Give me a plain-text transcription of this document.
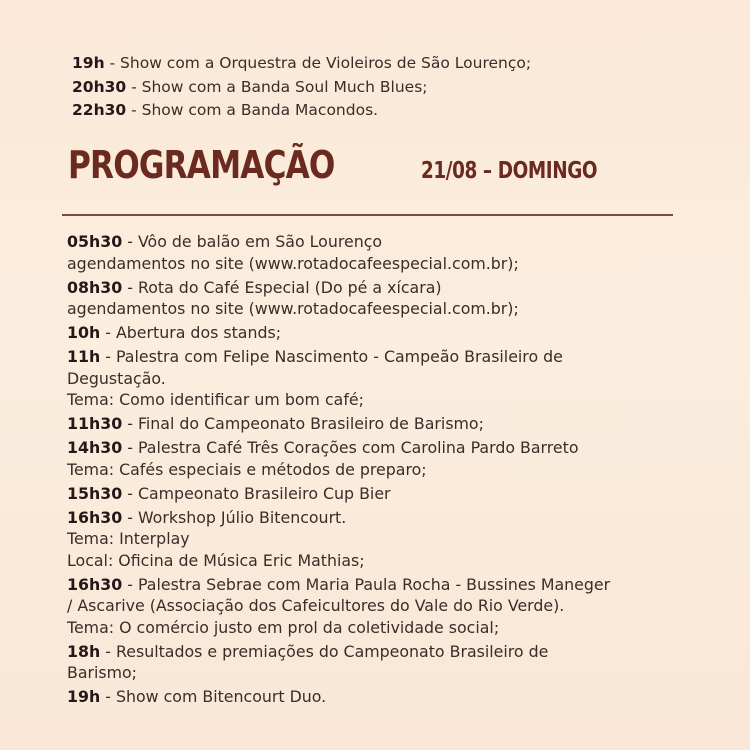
19h - Show com a Orquestra de Violeiros de São Lourenço;
20h30 - Show com a Banda Soul Much Blues;
22h30 - Show com a Banda Macondos.
PROGRAMAÇÃO	21/08 – DOMINGO
05h30 - Vôo de balão em São Lourenço
agendamentos no site (www.rotadocafeespecial.com.br);
08h30 - Rota do Café Especial (Do pé a xícara)
agendamentos no site (www.rotadocafeespecial.com.br);
10h - Abertura dos stands;
11h - Palestra com Felipe Nascimento - Campeão Brasileiro de
Degustação.
Tema: Como identificar um bom café;
11h30 - Final do Campeonato Brasileiro de Barismo;
14h30 - Palestra Café Três Corações com Carolina Pardo Barreto
Tema: Cafés especiais e métodos de preparo;
15h30 - Campeonato Brasileiro Cup Bier
16h30 - Workshop Júlio Bitencourt.
Tema: Interplay
Local: Oficina de Música Eric Mathias;
16h30 - Palestra Sebrae com Maria Paula Rocha - Bussines Maneger
/ Ascarive (Associação dos Cafeicultores do Vale do Rio Verde).
Tema: O comércio justo em prol da coletividade social;
18h - Resultados e premiações do Campeonato Brasileiro de
Barismo;
19h - Show com Bitencourt Duo.
